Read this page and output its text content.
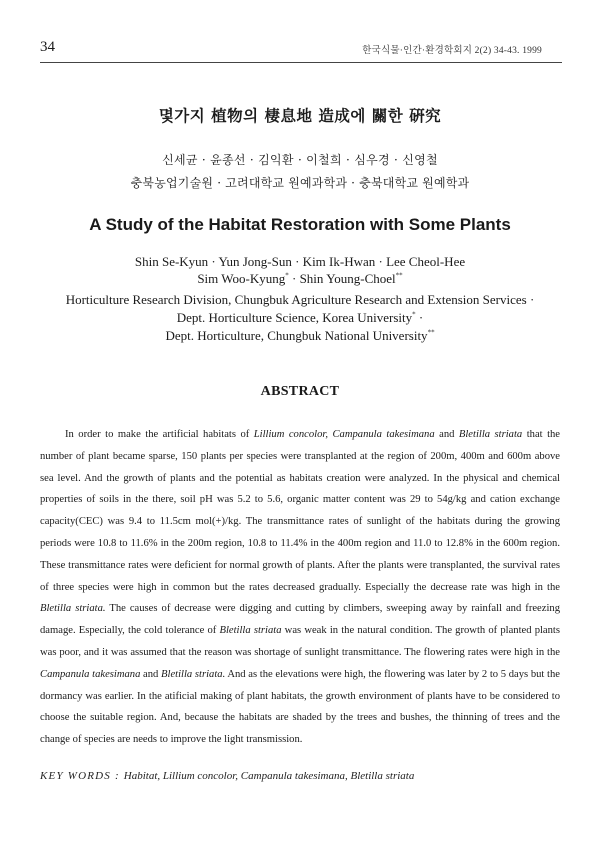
34	한국식물·인간·환경학회지 2(2) 34-43. 1999
몇가지 植物의 棲息地 造成에 關한 硏究
신세균 · 윤종선 · 김익환 · 이철희 · 심우경 · 신영철
충북농업기술원 · 고려대학교 원예과학과 · 충북대학교 원예학과
A Study of the Habitat Restoration with Some Plants
Shin Se-Kyun · Yun Jong-Sun · Kim Ik-Hwan · Lee Cheol-Hee
Sim Woo-Kyung* · Shin Young-Choel**
Horticulture Research Division, Chungbuk Agriculture Research and Extension Services ·
Dept. Horticulture Science, Korea University* ·
Dept. Horticulture, Chungbuk National University**
ABSTRACT

In order to make the artificial habitats of Lillium concolor, Campanula takesimana and Bletilla striata that the number of plant became sparse, 150 plants per species were transplanted at the region of 200m, 400m and 600m above sea level. And the growth of plants and the potential as habitats creation were analyzed. In the physical and chemical properties of soils in the there, soil pH was 5.2 to 5.6, organic matter content was 29 to 54g/kg and cation exchange capacity(CEC) was 9.4 to 11.5cm mol(+)/kg. The transmittance rates of sunlight of the habitats during the growing periods were 10.8 to 11.6% in the 200m region, 10.8 to 11.4% in the 400m region and 11.0 to 12.8% in the 600m region. These transmittance rates were deficient for normal growth of plants. After the plants were transplanted, the survival rates of three species were high in common but the rates decreased gradually. Especially the decrease rate was high in the Bletilla striata. The causes of decrease were digging and cutting by climbers, sweeping away by rainfall and freezing damage. Especially, the cold tolerance of Bletilla striata was weak in the natural condition. The growth of planted plants was poor, and it was assumed that the reason was shortage of sunlight transmittance. The flowering rates were high in the Campanula takesimana and Bletilla striata. And as the elevations were high, the flowering was later by 2 to 5 days but the dormancy was earlier. In the atificial making of plant habitats, the growth environment of plants have to be considered to choose the suitable region. And, because the habitats are shaded by the trees and bushes, the thinning of trees and the change of species are needs to improve the light transmission.

KEY WORDS : Habitat, Lillium concolor, Campanula takesimana, Bletilla striata
